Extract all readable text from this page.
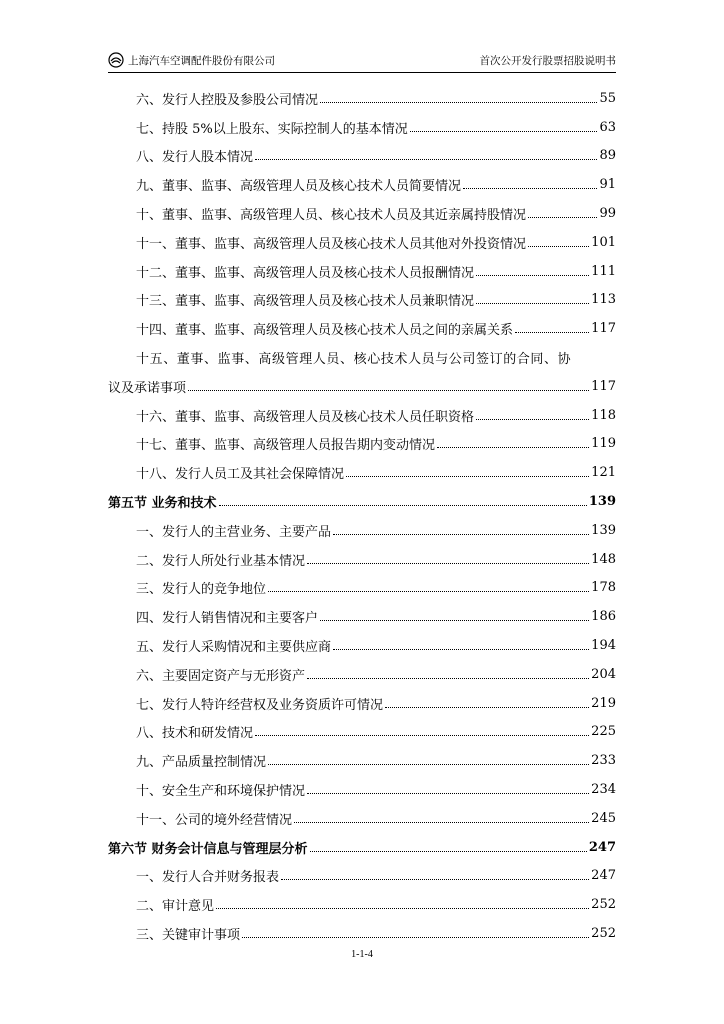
上海汽车空调配件股份有限公司	首次公开发行股票招股说明书
六、发行人控股及参股公司情况	55
七、持股 5%以上股东、实际控制人的基本情况	63
八、发行人股本情况	89
九、董事、监事、高级管理人员及核心技术人员简要情况	91
十、董事、监事、高级管理人员、核心技术人员及其近亲属持股情况	99
十一、董事、监事、高级管理人员及核心技术人员其他对外投资情况	101
十二、董事、监事、高级管理人员及核心技术人员报酬情况	111
十三、董事、监事、高级管理人员及核心技术人员兼职情况	113
十四、董事、监事、高级管理人员及核心技术人员之间的亲属关系	117
十五、董事、监事、高级管理人员、核心技术人员与公司签订的合同、协
议及承诺事项	117
十六、董事、监事、高级管理人员及核心技术人员任职资格	118
十七、董事、监事、高级管理人员报告期内变动情况	119
十八、发行人员工及其社会保障情况	121
第五节 业务和技术	139
一、发行人的主营业务、主要产品	139
二、发行人所处行业基本情况	148
三、发行人的竞争地位	178
四、发行人销售情况和主要客户	186
五、发行人采购情况和主要供应商	194
六、主要固定资产与无形资产	204
七、发行人特许经营权及业务资质许可情况	219
八、技术和研发情况	225
九、产品质量控制情况	233
十、安全生产和环境保护情况	234
十一、公司的境外经营情况	245
第六节 财务会计信息与管理层分析	247
一、发行人合并财务报表	247
二、审计意见	252
三、关键审计事项	252
1-1-4
